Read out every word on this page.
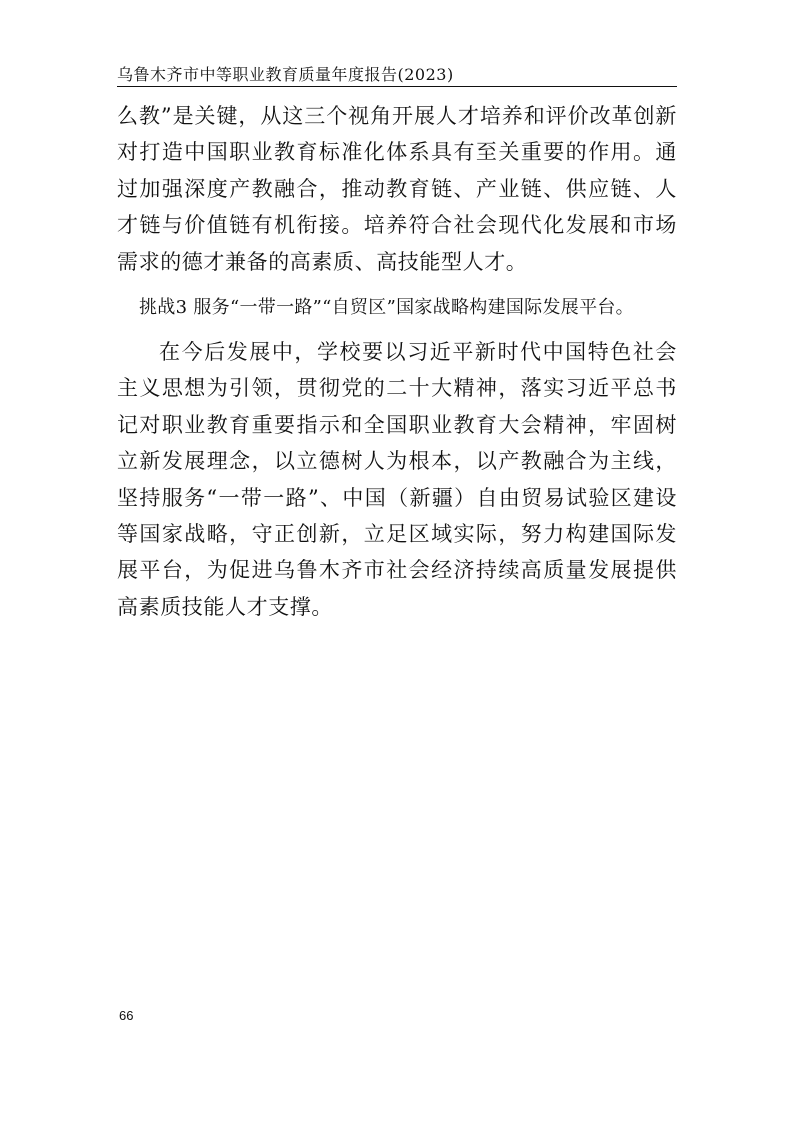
乌鲁木齐市中等职业教育质量年度报告(2023)

么教”是关键，从这三个视角开展人才培养和评价改革创新对打造中国职业教育标准化体系具有至关重要的作用。通过加强深度产教融合，推动教育链、产业链、供应链、人才链与价值链有机衔接。培养符合社会现代化发展和市场需求的德才兼备的高素质、高技能型人才。

挑战3 服务“一带一路”“自贸区”国家战略构建国际发展平台。

在今后发展中，学校要以习近平新时代中国特色社会主义思想为引领，贯彻党的二十大精神，落实习近平总书记对职业教育重要指示和全国职业教育大会精神，牢固树立新发展理念，以立德树人为根本，以产教融合为主线，坚持服务“一带一路”、中国（新疆）自由贸易试验区建设等国家战略，守正创新，立足区域实际，努力构建国际发展平台，为促进乌鲁木齐市社会经济持续高质量发展提供高素质技能人才支撑。

66
